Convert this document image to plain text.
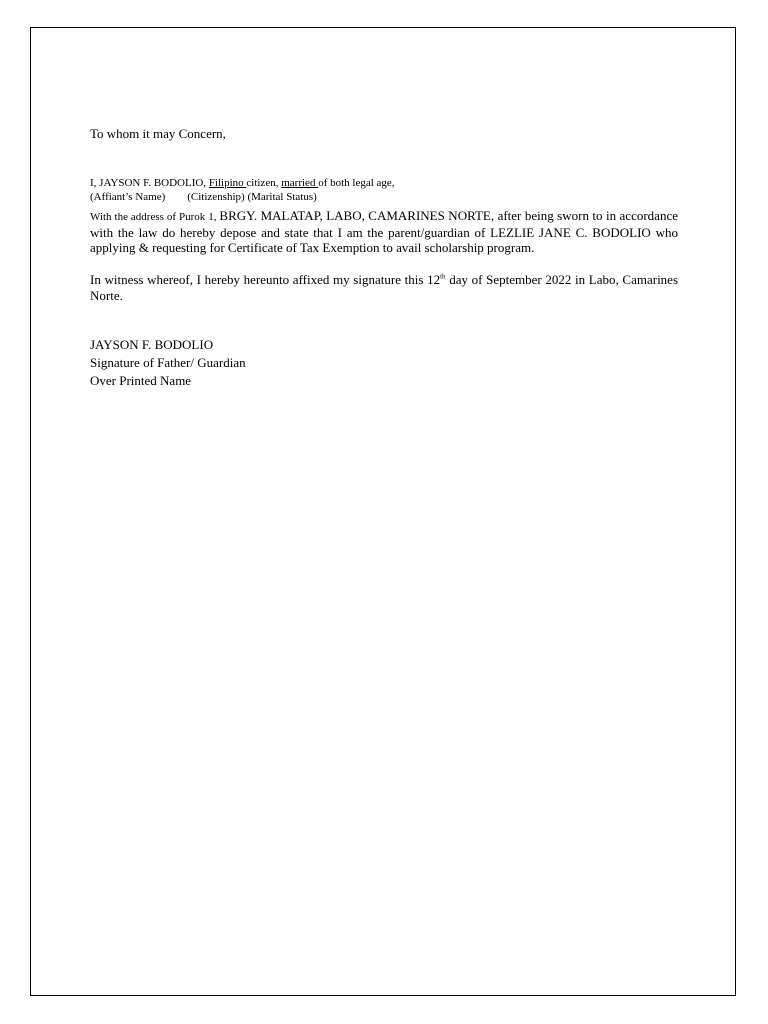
To whom it may Concern,

I, JAYSON F. BODOLIO, Filipino citizen, married of both legal age,
(Affiant’s Name) (Citizenship) (Marital Status)
With the address of Purok 1, BRGY. MALATAP, LABO, CAMARINES NORTE, after being sworn to in accordance with the law do hereby depose and state that I am the parent/guardian of LEZLIE JANE C. BODOLIO who applying & requesting for Certificate of Tax Exemption to avail scholarship program.
In witness whereof, I hereby hereunto affixed my signature this 12th day of September 2022 in Labo, Camarines Norte.
JAYSON F. BODOLIO
Signature of Father/ Guardian
Over Printed Name
